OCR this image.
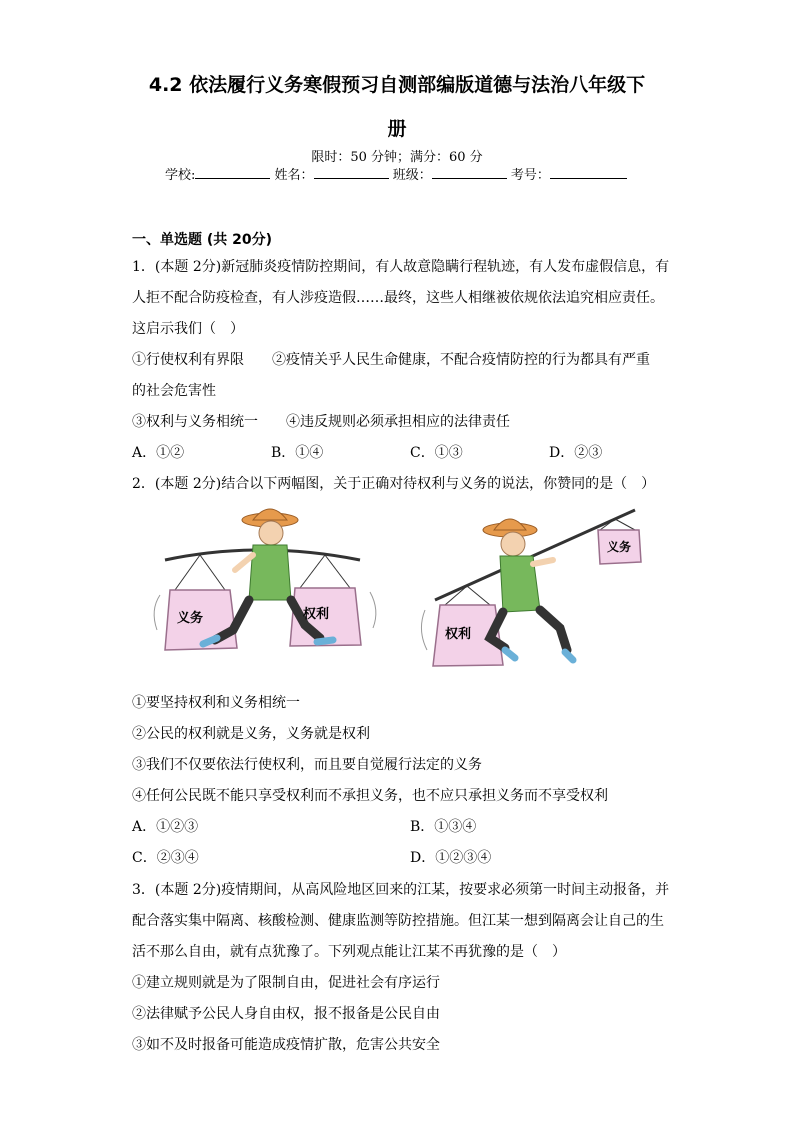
4.2 依法履行义务寒假预习自测部编版道德与法治八年级下
册
限时：50 分钟；满分：60 分
学校:	姓名：	班级：	考号：
一、单选题 (共 20分)
1．(本题 2分)新冠肺炎疫情防控期间，有人故意隐瞒行程轨迹，有人发布虚假信息，有
人拒不配合防疫检查，有人涉疫造假……最终，这些人相继被依规依法追究相应责任。
这启示我们（　）
①行使权利有界限　　②疫情关乎人民生命健康，不配合疫情防控的行为都具有严重
的社会危害性
③权利与义务相统一　　④违反规则必须承担相应的法律责任
A．①②	B．①④	C．①③	D．②③
2．(本题 2分)结合以下两幅图，关于正确对待权利与义务的说法，你赞同的是（　）
义务	权利
权利
义务
①要坚持权利和义务相统一
②公民的权利就是义务，义务就是权利
③我们不仅要依法行使权利，而且要自觉履行法定的义务
④任何公民既不能只享受权利而不承担义务，也不应只承担义务而不享受权利
A．①②③	B．①③④
C．②③④	D．①②③④
3．(本题 2分)疫情期间，从高风险地区回来的江某，按要求必须第一时间主动报备，并
配合落实集中隔离、核酸检测、健康监测等防控措施。但江某一想到隔离会让自己的生
活不那么自由，就有点犹豫了。下列观点能让江某不再犹豫的是（　）
①建立规则就是为了限制自由，促进社会有序运行
②法律赋予公民人身自由权，报不报备是公民自由
③如不及时报备可能造成疫情扩散，危害公共安全
